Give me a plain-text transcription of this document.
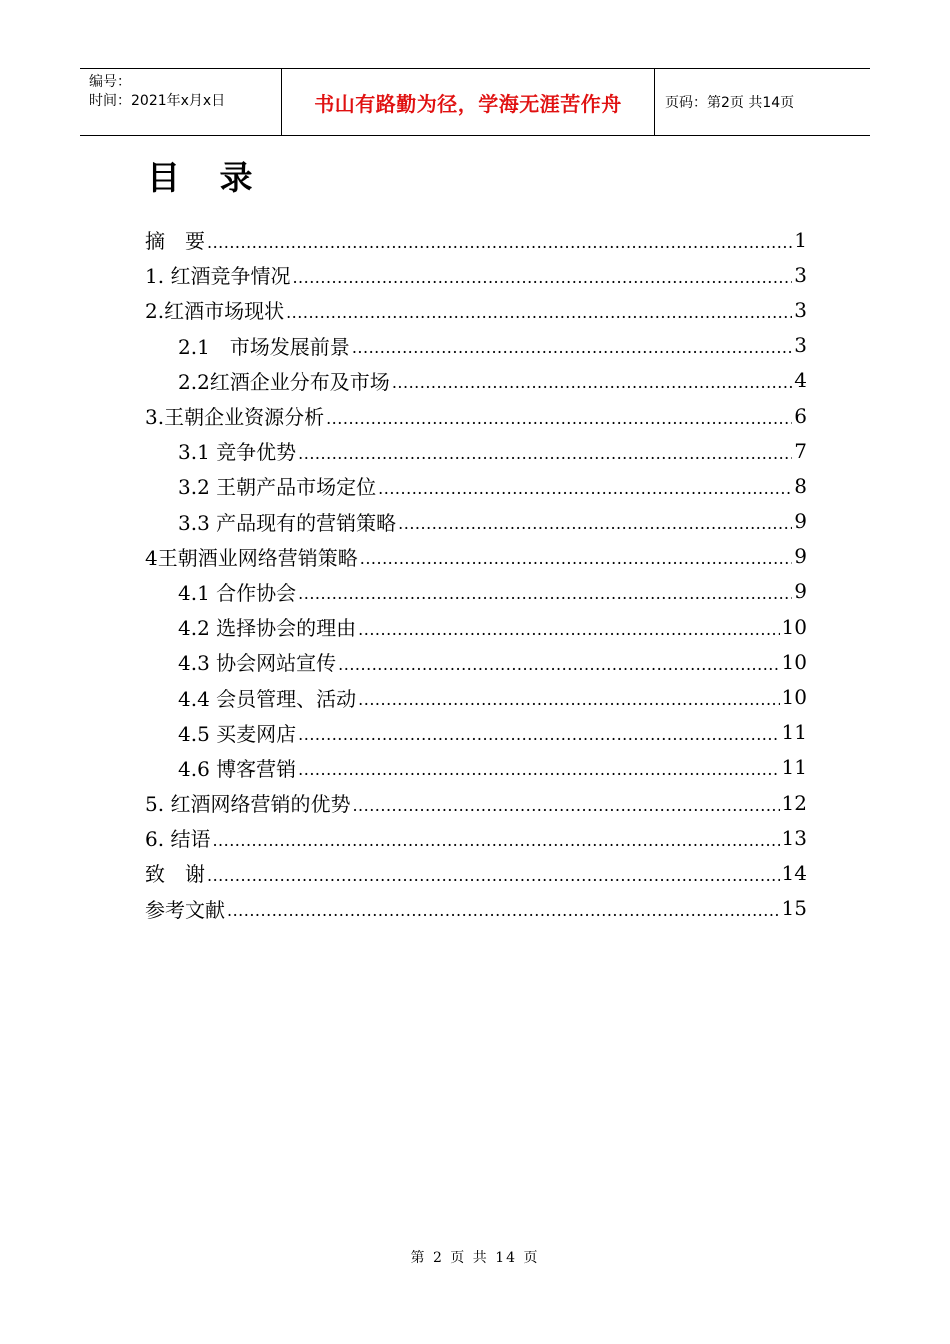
编号：
时间：2021年x月x日	书山有路勤为径，学海无涯苦作舟	页码：第2页 共14页
目 录
摘　要 .....	1
1. 红酒竞争情况 .....	3
2.红酒市场现状 .....	3
2.1　市场发展前景 .....	3
2.2红酒企业分布及市场 .....	4
3.王朝企业资源分析 .....	6
3.1 竞争优势 .....	7
3.2 王朝产品市场定位 .....	8
3.3 产品现有的营销策略 .....	9
4王朝酒业网络营销策略 .....	9
4.1 合作协会 .....	9
4.2 选择协会的理由 .....	10
4.3 协会网站宣传 .....	10
4.4 会员管理、活动 .....	10
4.5 买麦网店 .....	11
4.6 博客营销 .....	11
5. 红酒网络营销的优势 .....	12
6. 结语 .....	13
致　谢 .....	14
参考文献 .....	15
第 2 页 共 14 页
